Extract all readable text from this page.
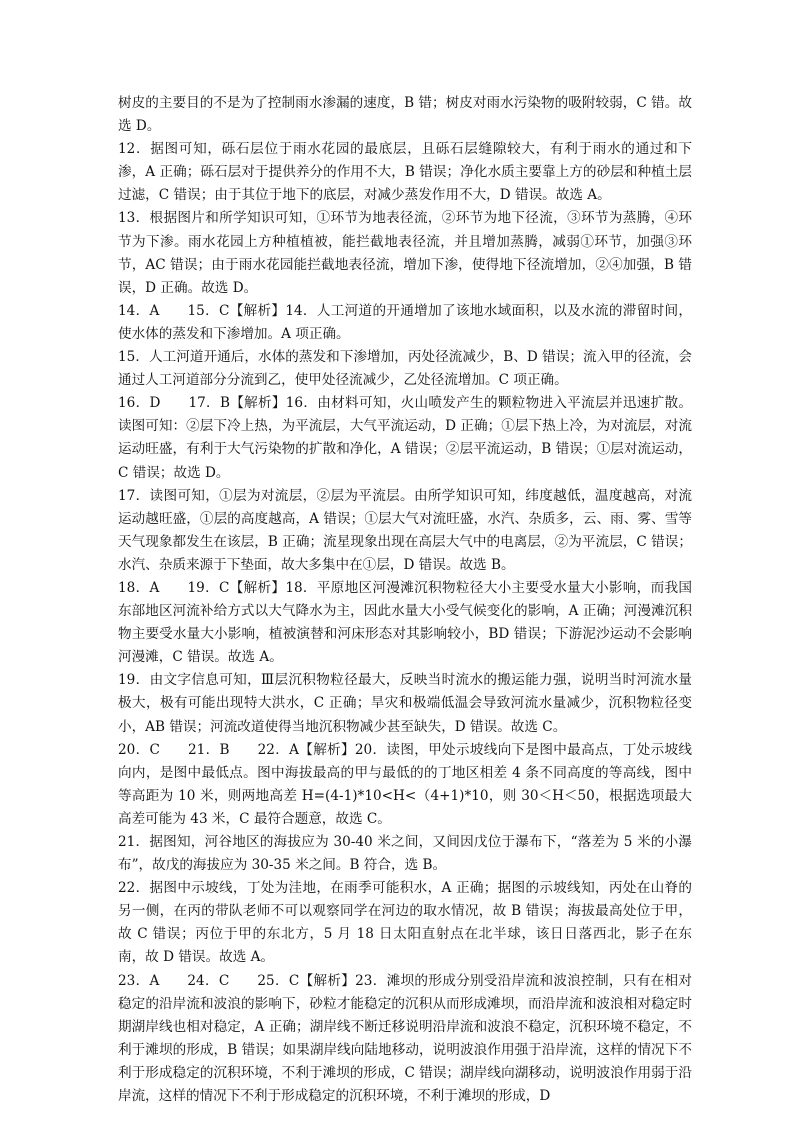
树皮的主要目的不是为了控制雨水渗漏的速度，B 错；树皮对雨水污染物的吸附较弱，C 错。故选 D。

12．据图可知，砾石层位于雨水花园的最底层，且砾石层缝隙较大，有利于雨水的通过和下渗，A 正确；砾石层对于提供养分的作用不大，B 错误；净化水质主要靠上方的砂层和种植土层过滤，C 错误；由于其位于地下的底层，对减少蒸发作用不大，D 错误。故选 A。

13．根据图片和所学知识可知，①环节为地表径流，②环节为地下径流，③环节为蒸腾，④环节为下渗。雨水花园上方种植植被，能拦截地表径流，并且增加蒸腾，减弱①环节，加强③环节，AC 错误；由于雨水花园能拦截地表径流，增加下渗，使得地下径流增加，②④加强，B 错误，D 正确。故选 D。

14．A　　15．C【解析】14．人工河道的开通增加了该地水域面积，以及水流的滞留时间，使水体的蒸发和下渗增加。A 项正确。

15．人工河道开通后，水体的蒸发和下渗增加，丙处径流减少，B、D 错误；流入甲的径流，会通过人工河道部分分流到乙，使甲处径流减少，乙处径流增加。C 项正确。

16．D　　17．B【解析】16．由材料可知，火山喷发产生的颗粒物进入平流层并迅速扩散。读图可知：②层下冷上热，为平流层，大气平流运动，D 正确；①层下热上冷，为对流层，对流运动旺盛，有利于大气污染物的扩散和净化，A 错误；②层平流运动，B 错误；①层对流运动，C 错误；故选 D。

17．读图可知，①层为对流层，②层为平流层。由所学知识可知，纬度越低，温度越高，对流运动越旺盛，①层的高度越高，A 错误；①层大气对流旺盛，水汽、杂质多，云、雨、雾、雪等天气现象都发生在该层，B 正确；流星现象出现在高层大气中的电离层，②为平流层，C 错误；水汽、杂质来源于下垫面，故大多集中在①层，D 错误。故选 B。

18．A　　19．C【解析】18．平原地区河漫滩沉积物粒径大小主要受水量大小影响，而我国东部地区河流补给方式以大气降水为主，因此水量大小受气候变化的影响，A 正确；河漫滩沉积物主要受水量大小影响，植被演替和河床形态对其影响较小，BD 错误；下游泥沙运动不会影响河漫滩，C 错误。故选 A。

19．由文字信息可知，Ⅲ层沉积物粒径最大，反映当时流水的搬运能力强，说明当时河流水量极大，极有可能出现特大洪水，C 正确；旱灾和极端低温会导致河流水量减少，沉积物粒径变小，AB 错误；河流改道使得当地沉积物减少甚至缺失，D 错误。故选 C。

20．C　　21．B　　22．A【解析】20．读图，甲处示坡线向下是图中最高点，丁处示坡线向内，是图中最低点。图中海拔最高的甲与最低的的丁地区相差 4 条不同高度的等高线，图中等高距为 10 米，则两地高差 H=(4-1)*10<H<（4+1)*10，则 30＜H＜50，根据选项最大高差可能为 43 米，C 最符合题意，故选 C。

21．据图知，河谷地区的海拔应为 30-40 米之间，又间因戊位于瀑布下，“落差为 5 米的小瀑布”，故戊的海拔应为 30-35 米之间。B 符合，选 B。

22．据图中示坡线，丁处为洼地，在雨季可能积水，A 正确；据图的示坡线知，丙处在山脊的另一侧，在丙的带队老师不可以观察同学在河边的取水情况，故 B 错误；海拔最高处位于甲，故 C 错误；丙位于甲的东北方，5 月 18 日太阳直射点在北半球，该日日落西北，影子在东南，故 D 错误。故选 A。

23．A　　24．C　　25．C【解析】23．滩坝的形成分别受沿岸流和波浪控制，只有在相对稳定的沿岸流和波浪的影响下，砂粒才能稳定的沉积从而形成滩坝，而沿岸流和波浪相对稳定时期湖岸线也相对稳定，A 正确；湖岸线不断迁移说明沿岸流和波浪不稳定，沉积环境不稳定，不利于滩坝的形成，B 错误；如果湖岸线向陆地移动，说明波浪作用强于沿岸流，这样的情况下不利于形成稳定的沉积环境，不利于滩坝的形成，C 错误；湖岸线向湖移动，说明波浪作用弱于沿岸流，这样的情况下不利于形成稳定的沉积环境，不利于滩坝的形成，D
